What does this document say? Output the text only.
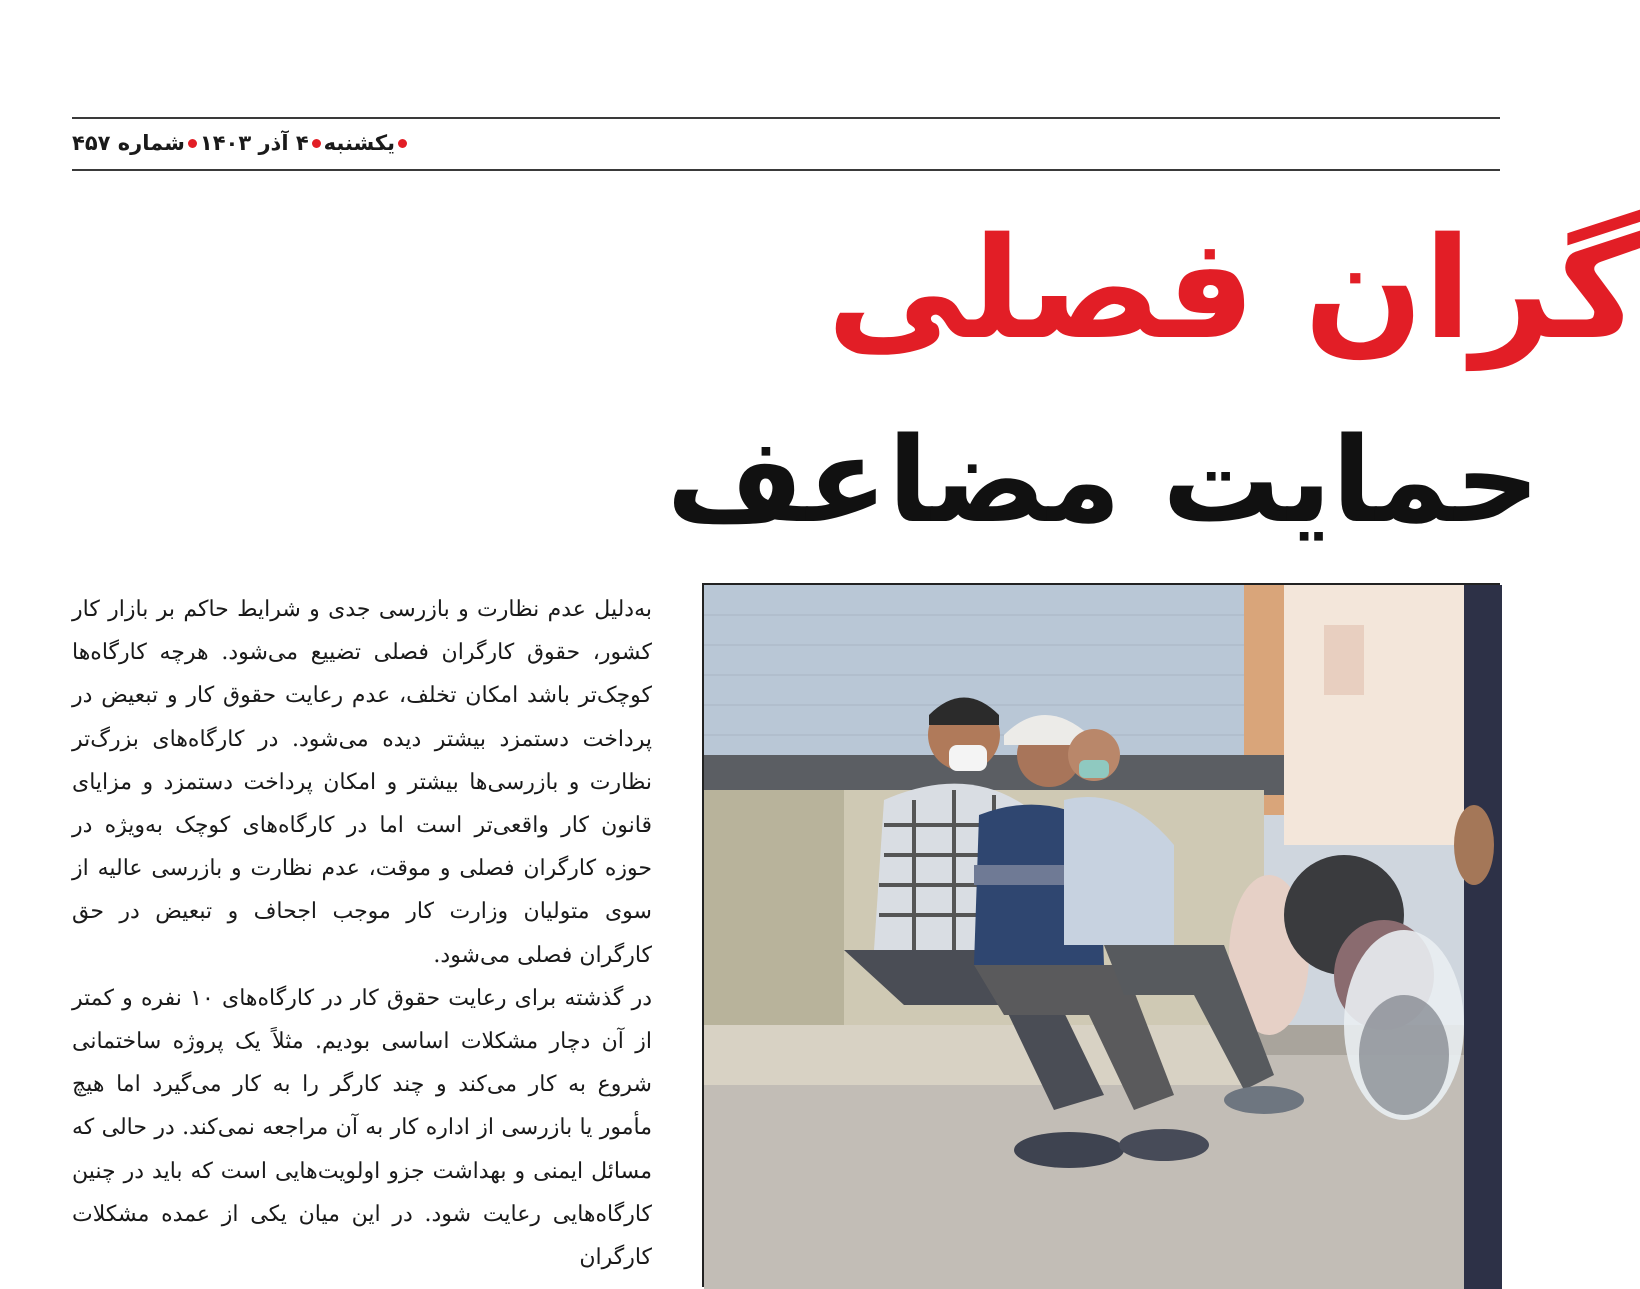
یکشنبه
۴ آذر ۱۴۰۳
شماره ۴۵۷
گران فصلی
حمایت مضاعف

به‌دلیل عدم نظارت و بازرسی جدی و شرایط حاکم بر بازار کار کشور، حقوق کارگران فصلی تضییع می‌شود. هرچه کارگاه‌ها کوچک‌تر باشد امکان تخلف، عدم رعایت حقوق کار و تبعیض در پرداخت دستمزد بیشتر دیده می‌شود. در کارگاه‌های بزرگ‌تر نظارت و بازرسی‌ها بیشتر و امکان پرداخت دستمزد و مزایای قانون کار واقعی‌تر است اما در کارگاه‌های کوچک به‌ویژه در حوزه کارگران فصلی و موقت، عدم نظارت و بازرسی عالیه از سوی متولیان وزارت کار موجب اجحاف و تبعیض در حق کارگران فصلی می‌شود.

در گذشته برای رعایت حقوق کار در کارگاه‌های ۱۰ نفره و کمتر از آن دچار مشکلات اساسی بودیم. مثلاً یک پروژه ساختمانی شروع به کار می‌کند و چند کارگر را به کار می‌گیرد اما هیچ مأمور یا بازرسی از اداره کار به آن مراجعه نمی‌کند. در حالی که مسائل ایمنی و بهداشت جزو اولویت‌هایی است که باید در چنین کارگاه‌هایی رعایت شود. در این میان یکی از عمده مشکلات کارگران
